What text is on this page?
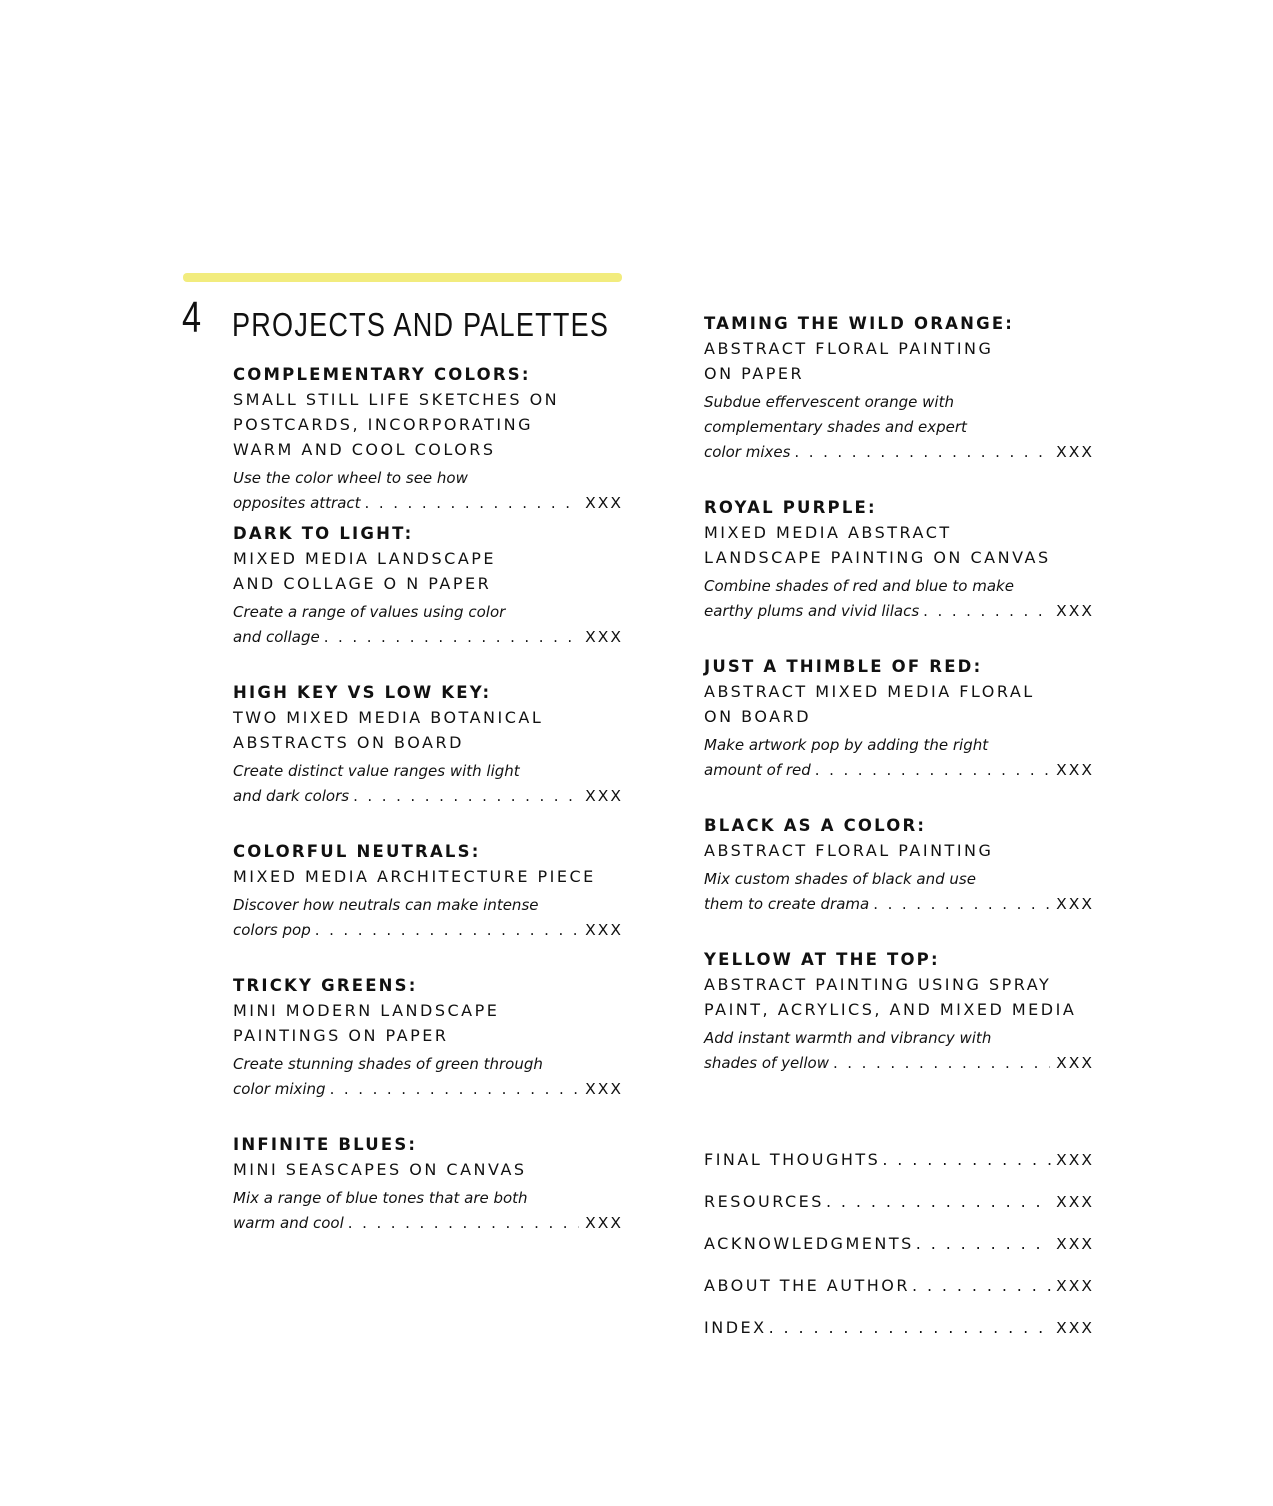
4 PROJECTS AND PALETTES
COMPLEMENTARY COLORS:
SMALL STILL LIFE SKETCHES ON
POSTCARDS, INCORPORATING
WARM AND COOL COLORS
Use the color wheel to see how
opposites attract . . .	XXX
DARK TO LIGHT:
MIXED MEDIA LANDSCAPE
AND COLLAGE O N PAPER
Create a range of values using color
and collage . . .	XXX
HIGH KEY VS LOW KEY:
TWO MIXED MEDIA BOTANICAL
ABSTRACTS ON BOARD
Create distinct value ranges with light
and dark colors . . .	XXX
COLORFUL NEUTRALS:
MIXED MEDIA ARCHITECTURE PIECE
Discover how neutrals can make intense
colors pop . . .	XXX
TRICKY GREENS:
MINI MODERN LANDSCAPE
PAINTINGS ON PAPER
Create stunning shades of green through
color mixing . . .	XXX
INFINITE BLUES:
MINI SEASCAPES ON CANVAS
Mix a range of blue tones that are both
warm and cool . . .	XXX
TAMING THE WILD ORANGE:
ABSTRACT FLORAL PAINTING
ON PAPER
Subdue effervescent orange with
complementary shades and expert
color mixes . . .	XXX
ROYAL PURPLE:
MIXED MEDIA ABSTRACT
LANDSCAPE PAINTING ON CANVAS
Combine shades of red and blue to make
earthy plums and vivid lilacs . . .	XXX
JUST A THIMBLE OF RED:
ABSTRACT MIXED MEDIA FLORAL
ON BOARD
Make artwork pop by adding the right
amount of red . . .	XXX
BLACK AS A COLOR:
ABSTRACT FLORAL PAINTING
Mix custom shades of black and use
them to create drama . . .	XXX
YELLOW AT THE TOP:
ABSTRACT PAINTING USING SPRAY
PAINT, ACRYLICS, AND MIXED MEDIA
Add instant warmth and vibrancy with
shades of yellow . . .	XXX
FINAL THOUGHTS . . .	XXX
RESOURCES . . .	XXX
ACKNOWLEDGMENTS . . .	XXX
ABOUT THE AUTHOR . . .	XXX
INDEX . . .	XXX
